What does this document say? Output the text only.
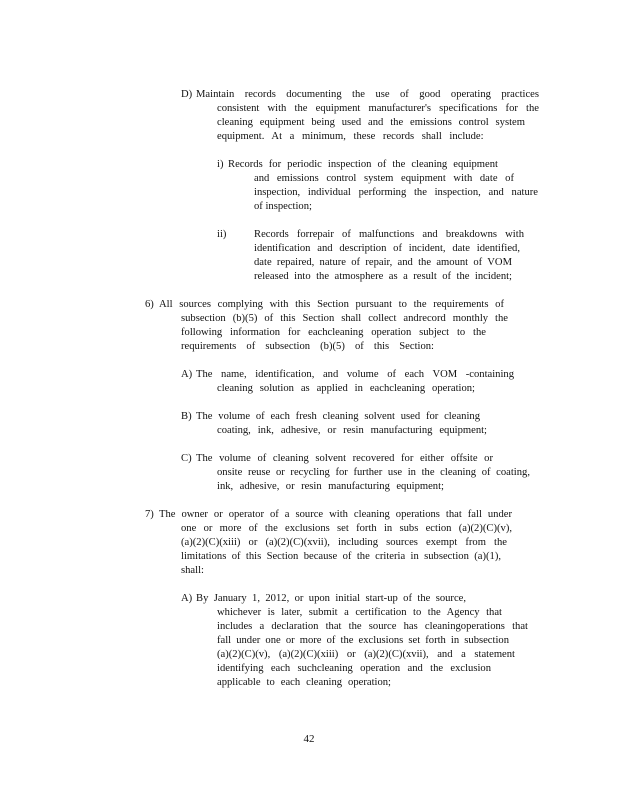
D) Maintain records documenting the use of good operating practices
consistent with the equipment manufacturer's specifications for the
cleaning equipment being used and the emissions control system
equipment. At a minimum, these records shall include:
i) Records for periodic inspection of the cleaning equipment
and emissions control system equipment with date of
inspection, individual performing the inspection, and nature
of inspection;
ii)	Records forrepair of malfunctions and breakdowns with
identification and description of incident, date identified,
date repaired, nature of repair, and the amount of VOM
released into the atmosphere as a result of the incident;
6) All sources complying with this Section pursuant to the requirements of
subsection (b)(5) of this Section shall collect andrecord monthly the
following information for eachcleaning operation subject to the
requirements of subsection (b)(5) of this Section:
A) The name, identification, and volume of each VOM -containing
cleaning solution as applied in eachcleaning operation;
B) The volume of each fresh cleaning solvent used for cleaning
coating, ink, adhesive, or resin manufacturing equipment;
C) The volume of cleaning solvent recovered for either offsite or
onsite reuse or recycling for further use in the cleaning of coating,
ink, adhesive, or resin manufacturing equipment;
7) The owner or operator of a source with cleaning operations that fall under
one or more of the exclusions set forth in subs ection (a)(2)(C)(v),
(a)(2)(C)(xiii) or (a)(2)(C)(xvii), including sources exempt from the
limitations of this Section because of the criteria in subsection (a)(1),
shall:
A) By January 1, 2012, or upon initial start-up of the source,
whichever is later, submit a certification to the Agency that
includes a declaration that the source has cleaningoperations that
fall under one or more of the exclusions set forth in subsection
(a)(2)(C)(v), (a)(2)(C)(xiii) or (a)(2)(C)(xvii), and a statement
identifying each suchcleaning operation and the exclusion
applicable to each cleaning operation;
42
